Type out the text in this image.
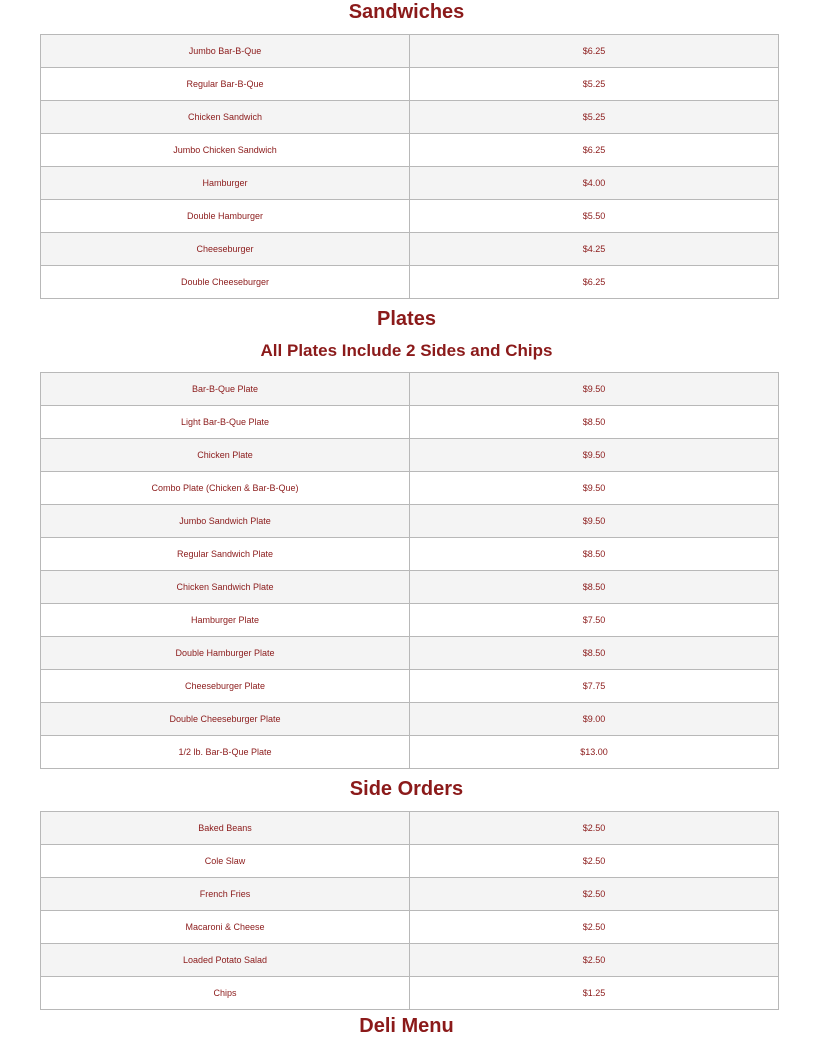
Sandwiches
Jumbo Bar-B-Que	$6.25
Regular Bar-B-Que	$5.25
Chicken Sandwich	$5.25
Jumbo Chicken Sandwich	$6.25
Hamburger	$4.00
Double Hamburger	$5.50
Cheeseburger	$4.25
Double Cheeseburger	$6.25
Plates
All Plates Include 2 Sides and Chips
Bar-B-Que Plate	$9.50
Light Bar-B-Que Plate	$8.50
Chicken Plate	$9.50
Combo Plate (Chicken & Bar-B-Que)	$9.50
Jumbo Sandwich Plate	$9.50
Regular Sandwich Plate	$8.50
Chicken Sandwich Plate	$8.50
Hamburger Plate	$7.50
Double Hamburger Plate	$8.50
Cheeseburger Plate	$7.75
Double Cheeseburger Plate	$9.00
1/2 lb. Bar-B-Que Plate	$13.00
Side Orders
Baked Beans	$2.50
Cole Slaw	$2.50
French Fries	$2.50
Macaroni & Cheese	$2.50
Loaded Potato Salad	$2.50
Chips	$1.25
Deli Menu
